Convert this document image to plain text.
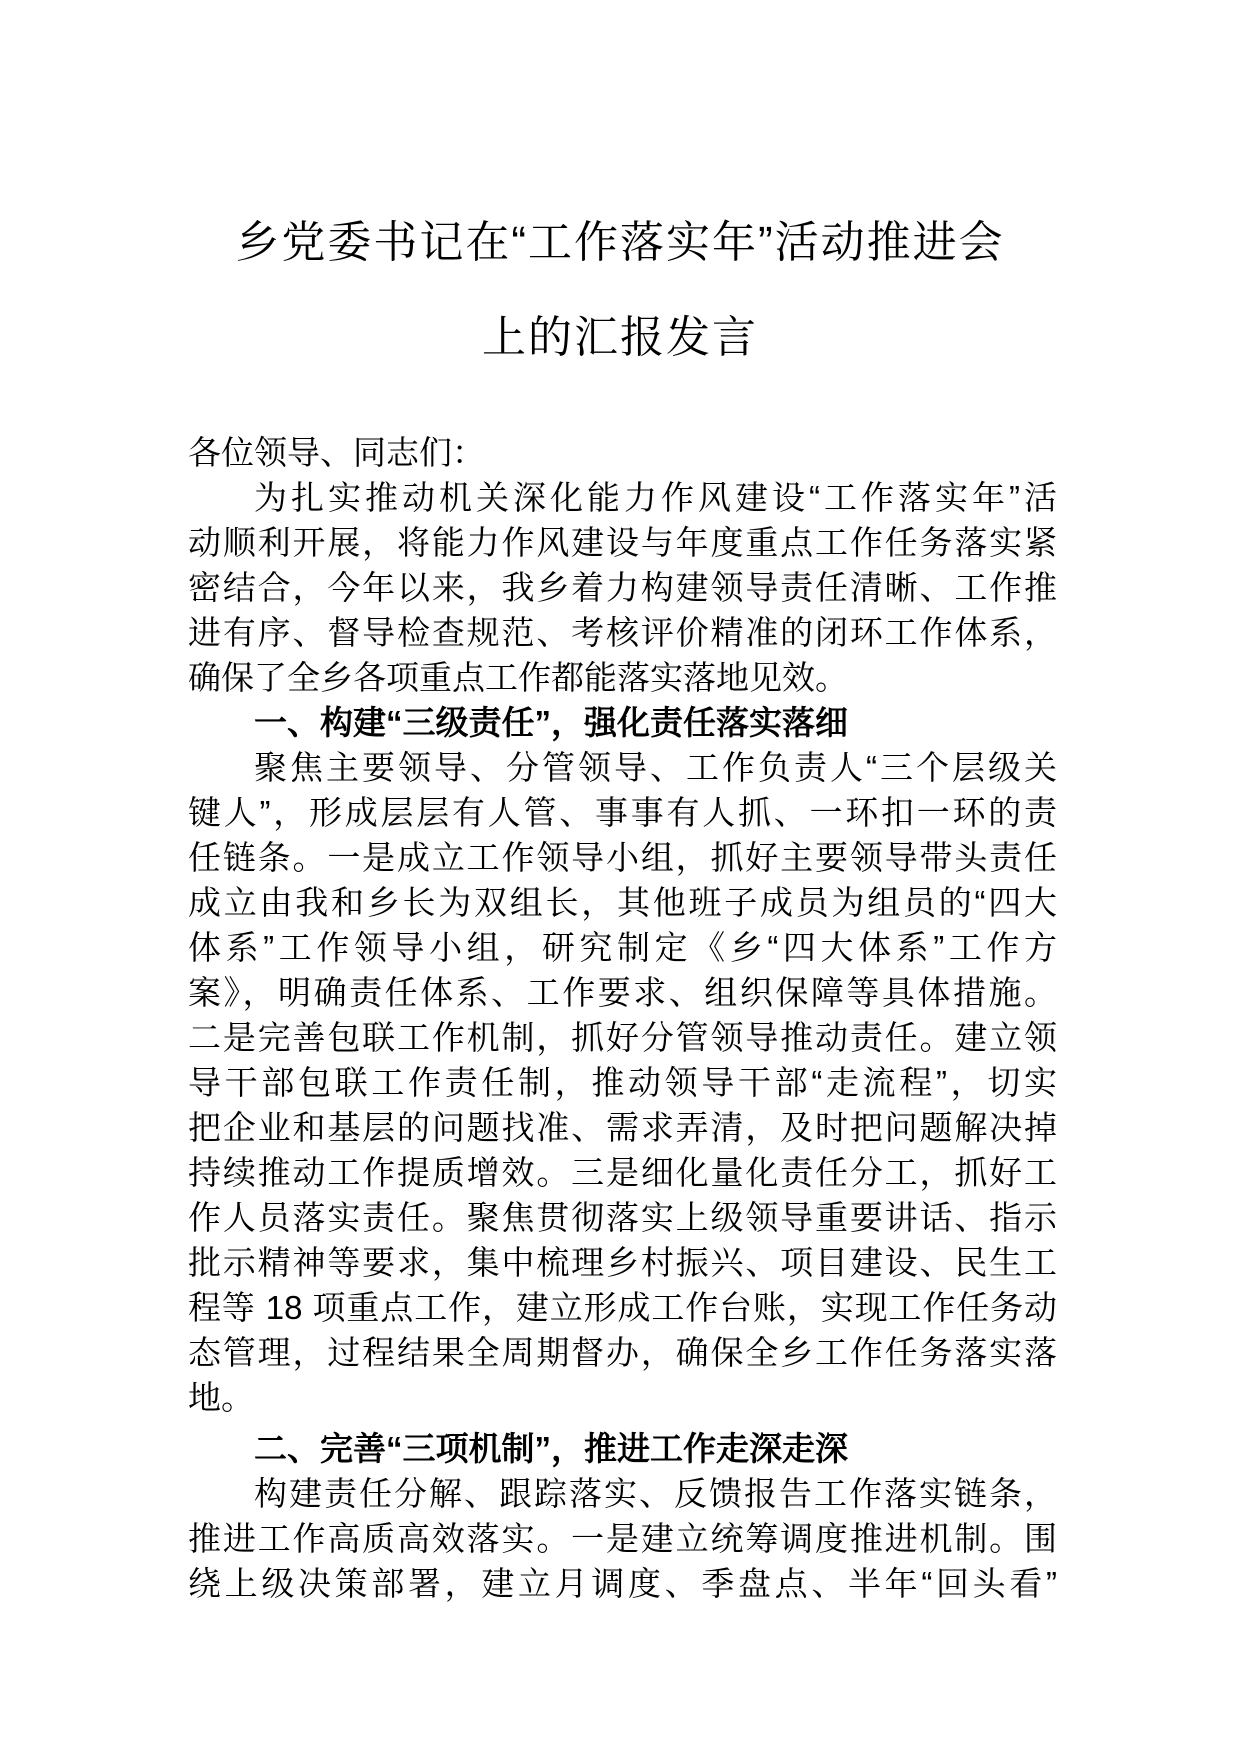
乡党委书记在“工作落实年”活动推进会
上的汇报发言
各位领导、同志们：
为扎实推动机关深化能力作风建设“工作落实年”活
动顺利开展，将能力作风建设与年度重点工作任务落实紧
密结合，今年以来，我乡着力构建领导责任清晰、工作推
进有序、督导检查规范、考核评价精准的闭环工作体系，
确保了全乡各项重点工作都能落实落地见效。
一、构建“三级责任”，强化责任落实落细
聚焦主要领导、分管领导、工作负责人“三个层级关
键人”，形成层层有人管、事事有人抓、一环扣一环的责
任链条。一是成立工作领导小组，抓好主要领导带头责任
成立由我和乡长为双组长，其他班子成员为组员的“四大
体系”工作领导小组，研究制定《乡“四大体系”工作方
案》，明确责任体系、工作要求、组织保障等具体措施。
二是完善包联工作机制，抓好分管领导推动责任。建立领
导干部包联工作责任制，推动领导干部“走流程”，切实
把企业和基层的问题找准、需求弄清，及时把问题解决掉
持续推动工作提质增效。三是细化量化责任分工，抓好工
作人员落实责任。聚焦贯彻落实上级领导重要讲话、指示
批示精神等要求，集中梳理乡村振兴、项目建设、民生工
程等 18 项重点工作，建立形成工作台账，实现工作任务动
态管理，过程结果全周期督办，确保全乡工作任务落实落
地。
二、完善“三项机制”，推进工作走深走深
构建责任分解、跟踪落实、反馈报告工作落实链条，
推进工作高质高效落实。一是建立统筹调度推进机制。围
绕上级决策部署，建立月调度、季盘点、半年“回头看”
